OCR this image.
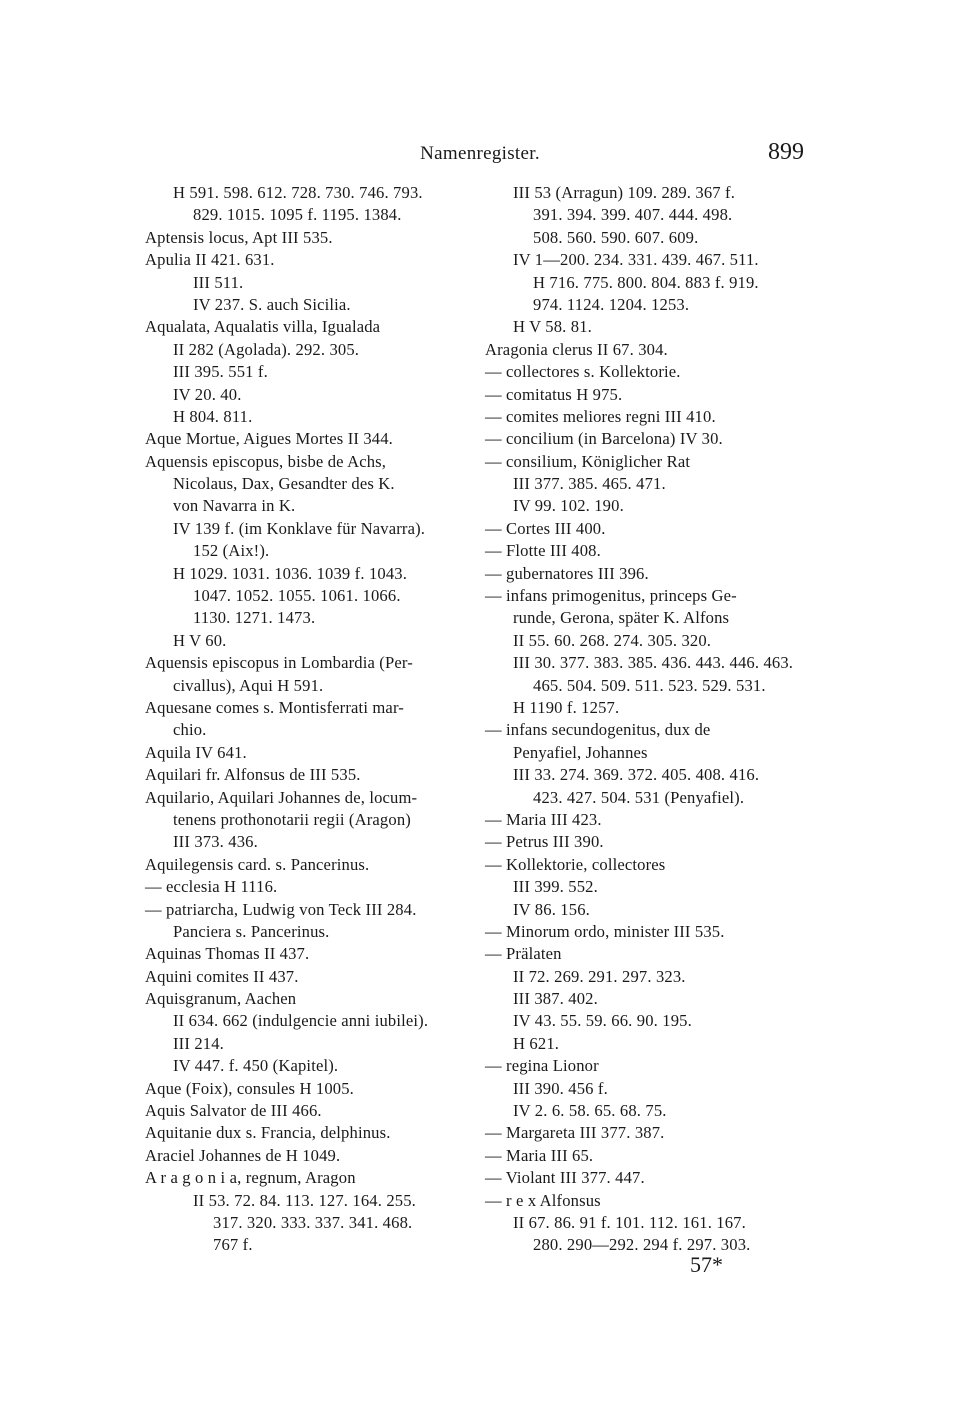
Namenregister.	899
H 591. 598. 612. 728. 730. 746. 793.
829. 1015. 1095 f. 1195. 1384.
Aptensis locus, Apt III 535.
Apulia II 421. 631.
III 511.
IV 237. S. auch Sicilia.
Aqualata, Aqualatis villa, Igualada
II 282 (Agolada). 292. 305.
III 395. 551 f.
IV 20. 40.
H 804. 811.
Aque Mortue, Aigues Mortes II 344.
Aquensis episcopus, bisbe de Achs,
Nicolaus, Dax, Gesandter des K.
von Navarra in K.
IV 139 f. (im Konklave für Navarra).
152 (Aix!).
H 1029. 1031. 1036. 1039 f. 1043.
1047. 1052. 1055. 1061. 1066.
1130. 1271. 1473.
H V 60.
Aquensis episcopus in Lombardia (Per-
civallus), Aqui H 591.
Aquesane comes s. Montisferrati mar-
chio.
Aquila IV 641.
Aquilari fr. Alfonsus de III 535.
Aquilario, Aquilari Johannes de, locum-
tenens prothonotarii regii (Aragon)
III 373. 436.
Aquilegensis card. s. Pancerinus.
— ecclesia H 1116.
— patriarcha, Ludwig von Teck III 284.
Panciera s. Pancerinus.
Aquinas Thomas II 437.
Aquini comites II 437.
Aquisgranum, Aachen
II 634. 662 (indulgencie anni iubilei).
III 214.
IV 447. f. 450 (Kapitel).
Aque (Foix), consules H 1005.
Aquis Salvator de III 466.
Aquitanie dux s. Francia, delphinus.
Araciel Johannes de H 1049.
A r a g o n i a, regnum, Aragon
II 53. 72. 84. 113. 127. 164. 255.
317. 320. 333. 337. 341. 468.
767 f.
III 53 (Arragun) 109. 289. 367 f.
391. 394. 399. 407. 444. 498.
508. 560. 590. 607. 609.
IV 1—200. 234. 331. 439. 467. 511.
H 716. 775. 800. 804. 883 f. 919.
974. 1124. 1204. 1253.
H V 58. 81.
Aragonia clerus II 67. 304.
— collectores s. Kollektorie.
— comitatus H 975.
— comites meliores regni III 410.
— concilium (in Barcelona) IV 30.
— consilium, Königlicher Rat
III 377. 385. 465. 471.
IV 99. 102. 190.
— Cortes III 400.
— Flotte III 408.
— gubernatores III 396.
— infans primogenitus, princeps Ge-
runde, Gerona, später K. Alfons
II 55. 60. 268. 274. 305. 320.
III 30. 377. 383. 385. 436. 443. 446. 463.
465. 504. 509. 511. 523. 529. 531.
H 1190 f. 1257.
— infans secundogenitus, dux de
Penyafiel, Johannes
III 33. 274. 369. 372. 405. 408. 416.
423. 427. 504. 531 (Penyafiel).
— Maria III 423.
— Petrus III 390.
— Kollektorie, collectores
III 399. 552.
IV 86. 156.
— Minorum ordo, minister III 535.
— Prälaten
II 72. 269. 291. 297. 323.
III 387. 402.
IV 43. 55. 59. 66. 90. 195.
H 621.
— regina Lionor
III 390. 456 f.
IV 2. 6. 58. 65. 68. 75.
— Margareta III 377. 387.
— Maria III 65.
— Violant III 377. 447.
— r e x Alfonsus
II 67. 86. 91 f. 101. 112. 161. 167.
280. 290—292. 294 f. 297. 303.
57*
